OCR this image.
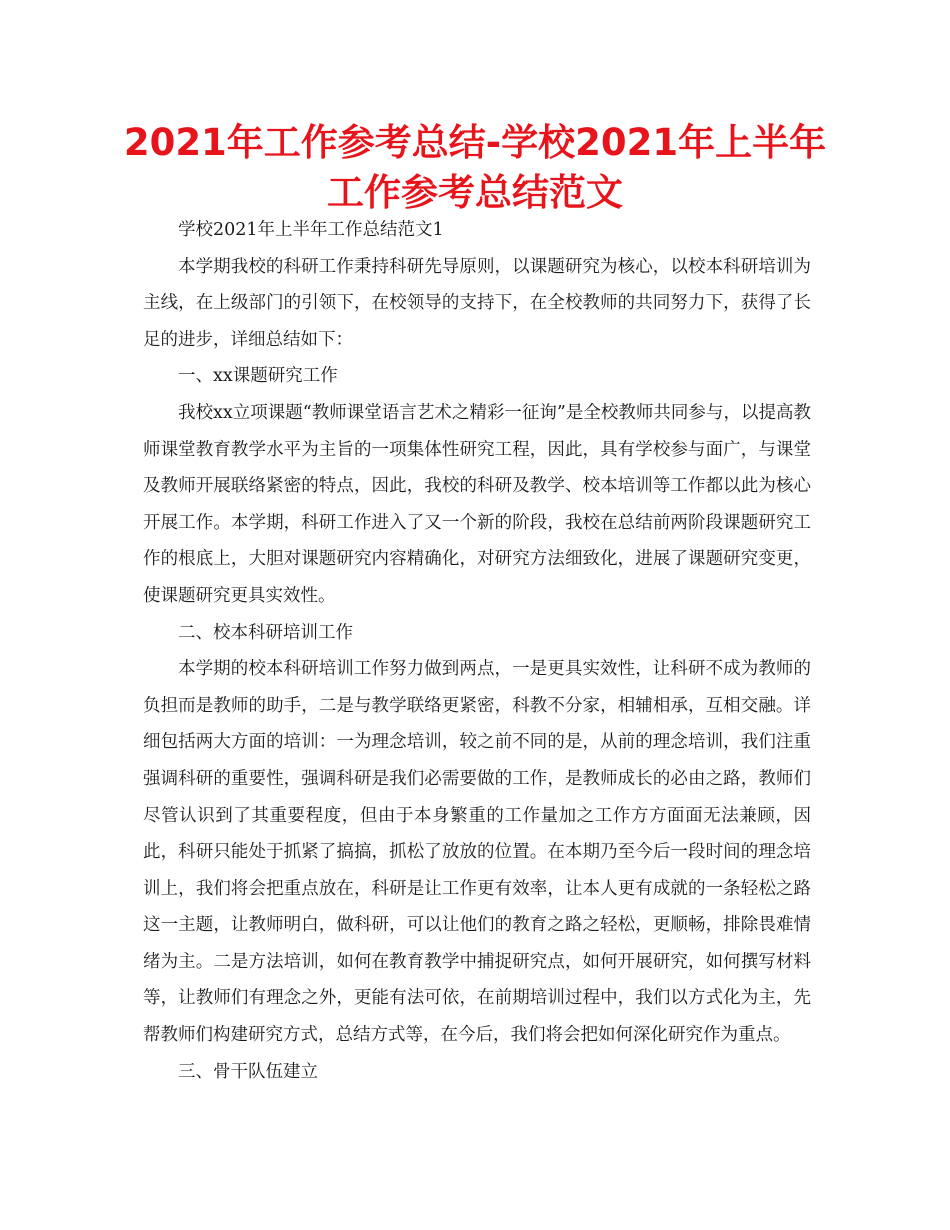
2021年工作参考总结-学校2021年上半年工作参考总结范文

学校2021年上半年工作总结范文1

本学期我校的科研工作秉持科研先导原则，以课题研究为核心，以校本科研培训为主线，在上级部门的引领下，在校领导的支持下，在全校教师的共同努力下，获得了长足的进步，详细总结如下：

一、xx课题研究工作

我校xx立项课题“教师课堂语言艺术之精彩一征询”是全校教师共同参与，以提高教师课堂教育教学水平为主旨的一项集体性研究工程，因此，具有学校参与面广，与课堂及教师开展联络紧密的特点，因此，我校的科研及教学、校本培训等工作都以此为核心开展工作。本学期，科研工作进入了又一个新的阶段，我校在总结前两阶段课题研究工作的根底上，大胆对课题研究内容精确化，对研究方法细致化，进展了课题研究变更，使课题研究更具实效性。

二、校本科研培训工作

本学期的校本科研培训工作努力做到两点，一是更具实效性，让科研不成为教师的负担而是教师的助手，二是与教学联络更紧密，科教不分家，相辅相承，互相交融。详细包括两大方面的培训：一为理念培训，较之前不同的是，从前的理念培训，我们注重强调科研的重要性，强调科研是我们必需要做的工作，是教师成长的必由之路，教师们尽管认识到了其重要程度，但由于本身繁重的工作量加之工作方方面面无法兼顾，因此，科研只能处于抓紧了搞搞，抓松了放放的位置。在本期乃至今后一段时间的理念培训上，我们将会把重点放在，科研是让工作更有效率，让本人更有成就的一条轻松之路这一主题，让教师明白，做科研，可以让他们的教育之路之轻松，更顺畅，排除畏难情绪为主。二是方法培训，如何在教育教学中捕捉研究点，如何开展研究，如何撰写材料等，让教师们有理念之外，更能有法可依，在前期培训过程中，我们以方式化为主，先帮教师们构建研究方式，总结方式等，在今后，我们将会把如何深化研究作为重点。

三、骨干队伍建立
